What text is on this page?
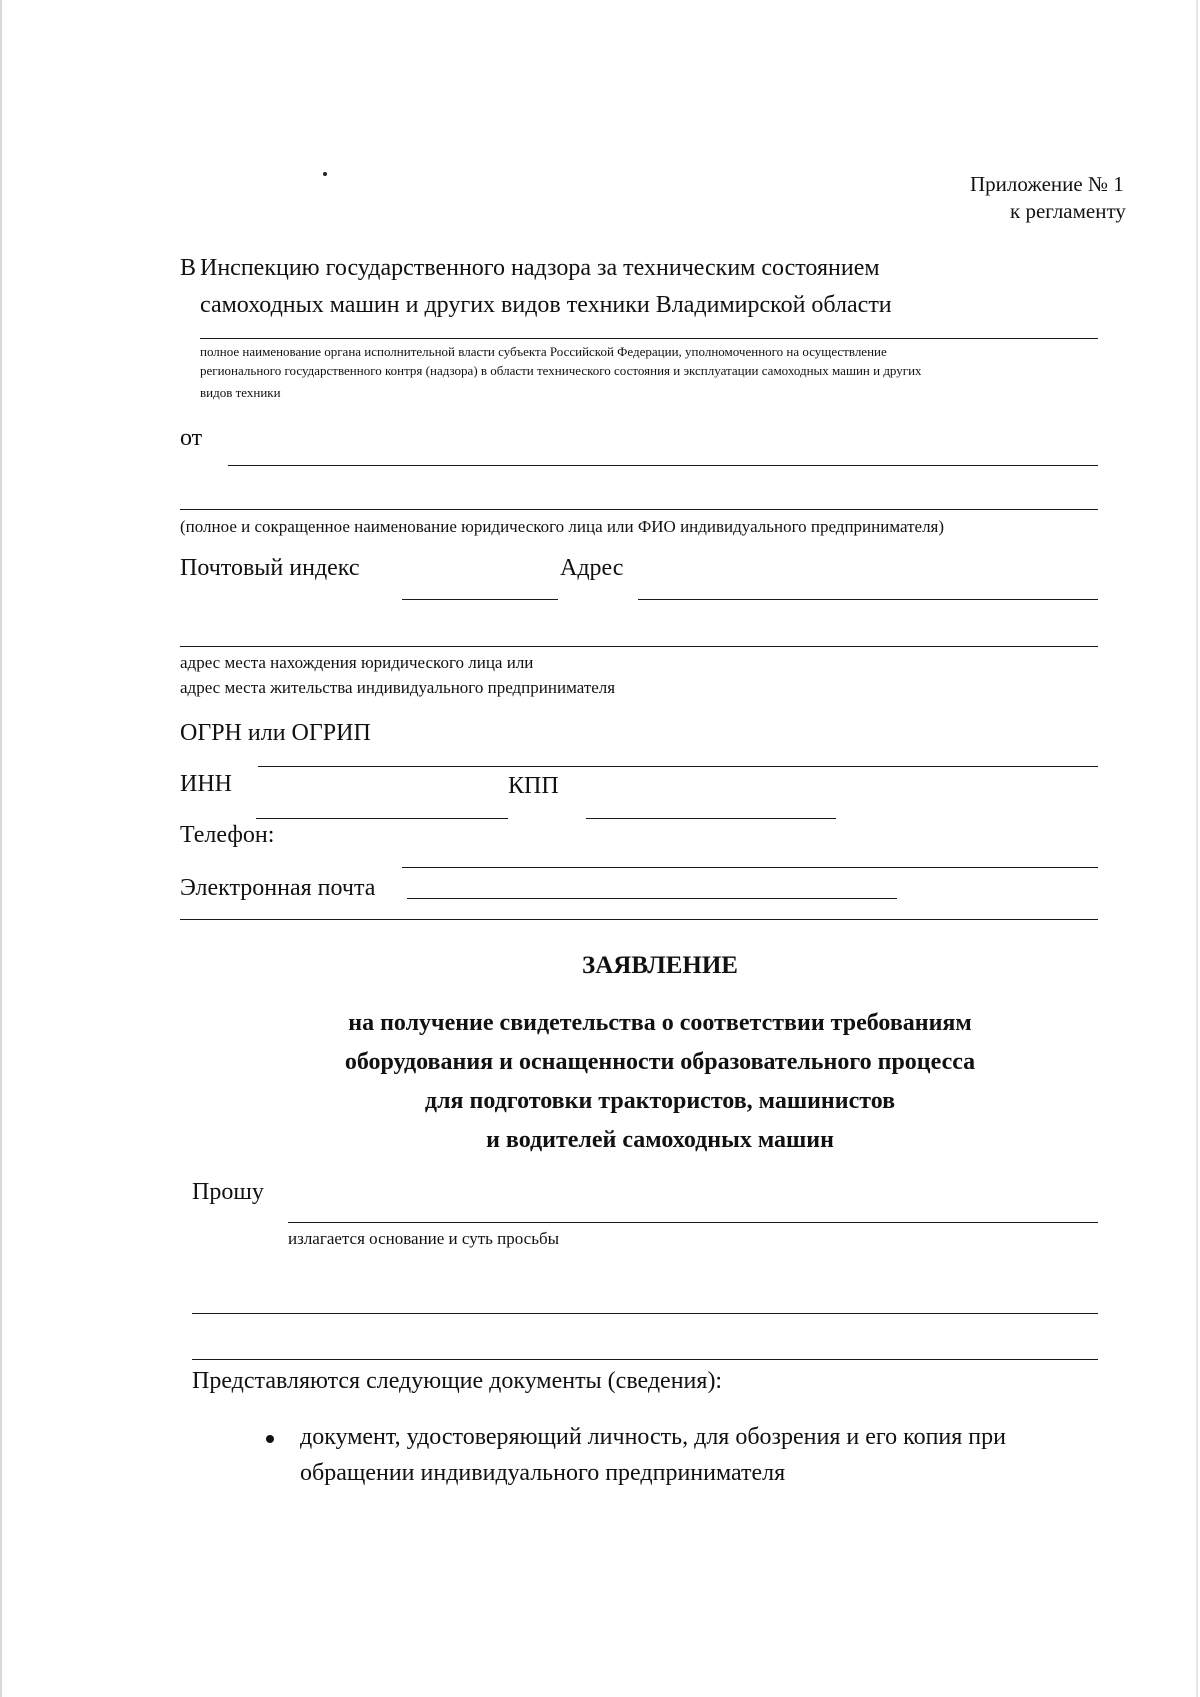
Приложение № 1
к регламенту
В Инспекцию государственного надзора за техническим состоянием
самоходных машин и других видов техники Владимирской области
полное наименование органа исполнительной власти субъекта Российской Федерации, уполномоченного на осуществление
регионального государственного контря (надзора) в области технического состояния и эксплуатации самоходных машин и других
видов техники
от
(полное и сокращенное наименование юридического лица или ФИО индивидуального предпринимателя)
Почтовый индекс	Адрес
адрес места нахождения юридического лица или
адрес места жительства индивидуального предпринимателя
ОГРН или ОГРИП
ИНН	КПП
Телефон:
Электронная почта
ЗАЯВЛЕНИЕ
на получение свидетельства о соответствии требованиям
оборудования и оснащенности образовательного процесса
для подготовки трактористов, машинистов
и водителей самоходных машин
Прошу
излагается основание и суть просьбы
Представляются следующие документы (сведения):
документ, удостоверяющий личность, для обозрения и его копия при
обращении индивидуального предпринимателя
